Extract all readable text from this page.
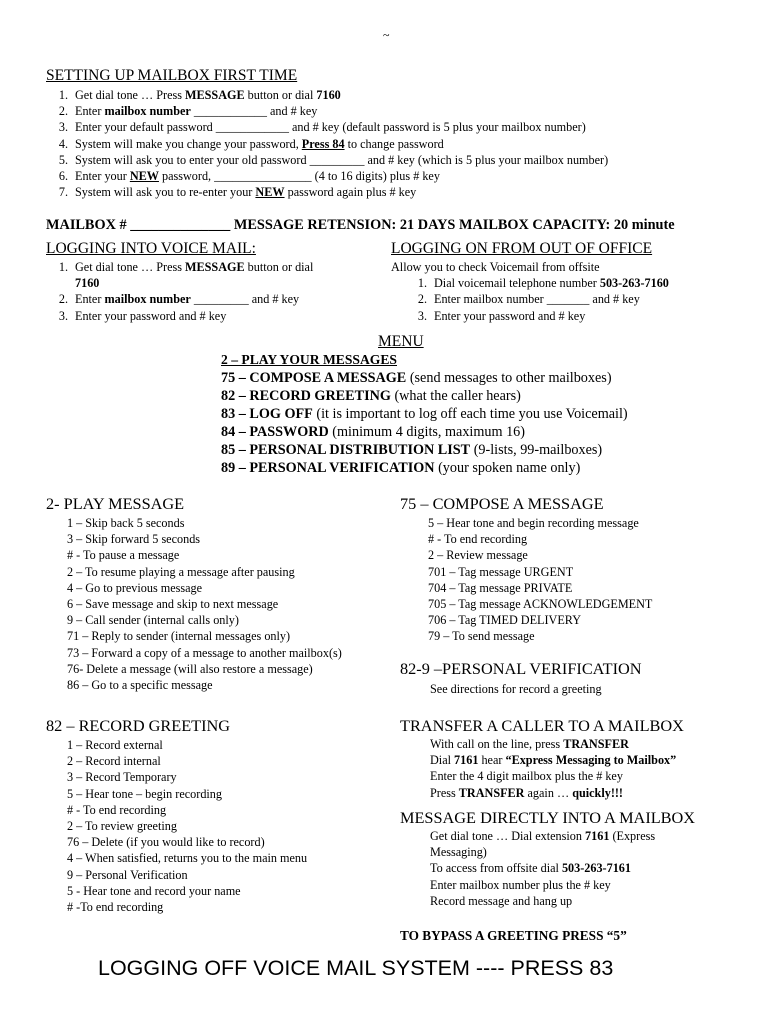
~
SETTING UP MAILBOX FIRST TIME
1. Get dial tone … Press MESSAGE button or dial 7160
2. Enter mailbox number ____________ and # key
3. Enter your default password ____________ and # key (default password is 5 plus your mailbox number)
4. System will make you change your password, Press 84 to change password
5. System will ask you to enter your old password _________ and # key (which is 5 plus your mailbox number)
6. Enter your NEW password, ________________ (4 to 16 digits) plus # key
7. System will ask you to re-enter your NEW password again plus # key
MAILBOX # ______________ MESSAGE RETENSION: 21 DAYS MAILBOX CAPACITY: 20 minute
LOGGING INTO VOICE MAIL:
1. Get dial tone … Press MESSAGE button or dial
7160
2. Enter mailbox number _________ and # key
3. Enter your password and # key
LOGGING ON FROM OUT OF OFFICE
Allow you to check Voicemail from offsite
1. Dial voicemail telephone number 503-263-7160
2. Enter mailbox number _______ and # key
3. Enter your password and # key
MENU
2 – PLAY YOUR MESSAGES
75 – COMPOSE A MESSAGE (send messages to other mailboxes)
82 – RECORD GREETING (what the caller hears)
83 – LOG OFF (it is important to log off each time you use Voicemail)
84 – PASSWORD (minimum 4 digits, maximum 16)
85 – PERSONAL DISTRIBUTION LIST (9-lists, 99-mailboxes)
89 – PERSONAL VERIFICATION (your spoken name only)
2- PLAY MESSAGE
1 – Skip back 5 seconds
3 – Skip forward 5 seconds
# - To pause a message
2 – To resume playing a message after pausing
4 – Go to previous message
6 – Save message and skip to next message
9 – Call sender (internal calls only)
71 – Reply to sender (internal messages only)
73 – Forward a copy of a message to another mailbox(s)
76- Delete a message (will also restore a message)
86 – Go to a specific message
75 – COMPOSE A MESSAGE
5 – Hear tone and begin recording message
# - To end recording
2 – Review message
701 – Tag message URGENT
704 – Tag message PRIVATE
705 – Tag message ACKNOWLEDGEMENT
706 – Tag TIMED DELIVERY
79 – To send message
82-9 –PERSONAL VERIFICATION
See directions for record a greeting
82 – RECORD GREETING
1 – Record external
2 – Record internal
3 – Record Temporary
5 – Hear tone – begin recording
# - To end recording
2 – To review greeting
76 – Delete (if you would like to record)
4 – When satisfied, returns you to the main menu
9 – Personal Verification
5 - Hear tone and record your name
# -To end recording
TRANSFER A CALLER TO A MAILBOX
With call on the line, press TRANSFER
Dial 7161 hear “Express Messaging to Mailbox”
Enter the 4 digit mailbox plus the # key
Press TRANSFER again … quickly!!!
MESSAGE DIRECTLY INTO A MAILBOX
Get dial tone … Dial extension 7161 (Express
Messaging)
To access from offsite dial 503-263-7161
Enter mailbox number plus the # key
Record message and hang up
TO BYPASS A GREETING PRESS “5”
LOGGING OFF VOICE MAIL SYSTEM ---- PRESS 83
